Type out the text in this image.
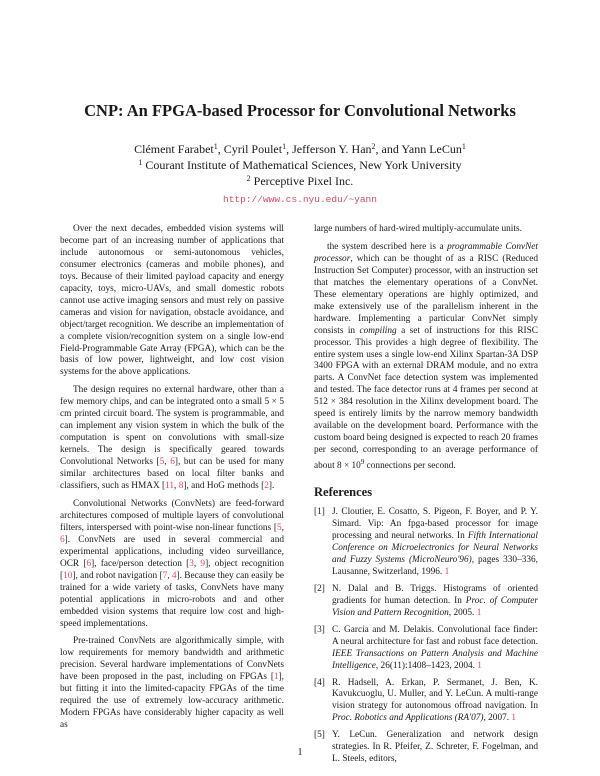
CNP: An FPGA-based Processor for Convolutional Networks
Clément Farabet$^1$, Cyril Poulet$^1$, Jefferson Y. Han$^2$, and Yann LeCun$^1$
$^1$ Courant Institute of Mathematical Sciences, New York University
$^2$ Perceptive Pixel Inc.
http://www.cs.nyu.edu/~yann

Over the next decades, embedded vision systems will become part of an increasing number of applications that include autonomous or semi-autonomous vehicles, consumer electronics (cameras and mobile phones), and toys. Because of their limited payload capacity and energy capacity, toys, micro-UAVs, and small domestic robots cannot use active imaging sensors and must rely on passive cameras and vision for navigation, obstacle avoidance, and object/target recognition. We describe an implementation of a complete vision/recognition system on a single low-end Field-Programmable Gate Array (FPGA), which can be the basis of low power, lightweight, and low cost vision systems for the above applications.

The design requires no external hardware, other than a few memory chips, and can be integrated onto a small 5 × 5 cm printed circuit board. The system is programmable, and can implement any vision system in which the bulk of the computation is spent on convolutions with small-size kernels. The design is specifically geared towards Convolutional Networks [5, 6], but can be used for many similar architectures based on local filter banks and classifiers, such as HMAX [11, 8], and HoG methods [2].

Convolutional Networks (ConvNets) are feed-forward architectures composed of multiple layers of convolutional filters, interspersed with point-wise non-linear functions [5, 6]. ConvNets are used in several commercial and experimental applications, including video surveillance, OCR [6], face/person detection [3, 9], object recognition [10], and robot navigation [7, 4]. Because they can easily be trained for a wide variety of tasks, ConvNets have many potential applications in micro-robots and and other embedded vision systems that require low cost and high-speed implementations.

Pre-trained ConvNets are algorithmically simple, with low requirements for memory bandwidth and arithmetic precision. Several hardware implementations of ConvNets have been proposed in the past, including on FPGAs [1], but fitting it into the limited-capacity FPGAs of the time required the use of extremely low-accuracy arithmetic. Modern FPGAs have considerably higher capacity as well as

large numbers of hard-wired multiply-accumulate units.

the system described here is a programmable ConvNet processor, which can be thought of as a RISC (Reduced Instruction Set Computer) processor, with an instruction set that matches the elementary operations of a ConvNet. These elementary operations are highly optimized, and make extensively use of the parallelism inherent in the hardware. Implementing a particular ConvNet simply consists in compiling a set of instructions for this RISC processor. This provides a high degree of flexibility. The entire system uses a single low-end Xilinx Spartan-3A DSP 3400 FPGA with an external DRAM module, and no extra parts. A ConvNet face detection system was implemented and tested. The face detector runs at 4 frames per second at 512 × 384 resolution in the Xilinx development board. The speed is entirely limits by the narrow memory bandwidth available on the development board. Performance with the custom board being designed is expected to reach 20 frames per second, corresponding to an average performance of about $8 \times 10^9$ connections per second.

References
[1] J. Cloutier, E. Cosatto, S. Pigeon, F. Boyer, and P. Y. Simard. Vip: An fpga-based processor for image processing and neural networks. In Fifth International Conference on Microelectronics for Neural Networks and Fuzzy Systems (MicroNeuro'96), pages 330–336, Lausanne, Switzerland, 1996. 1
[2] N. Dalal and B. Triggs. Histograms of oriented gradients for human detection. In Proc. of Computer Vision and Pattern Recognition, 2005. 1
[3] C. Garcia and M. Delakis. Convolutional face finder: A neural architecture for fast and robust face detection. IEEE Transactions on Pattern Analysis and Machine Intelligence, 26(11):1408–1423, 2004. 1
[4] R. Hadsell, A. Erkan, P. Sermanet, J. Ben, K. Kavukcuoglu, U. Muller, and Y. LeCun. A multi-range vision strategy for autonomous offroad navigation. In Proc. Robotics and Applications (RA'07), 2007. 1
[5] Y. LeCun. Generalization and network design strategies. In R. Pfeifer, Z. Schreter, F. Fogelman, and L. Steels, editors,
1
